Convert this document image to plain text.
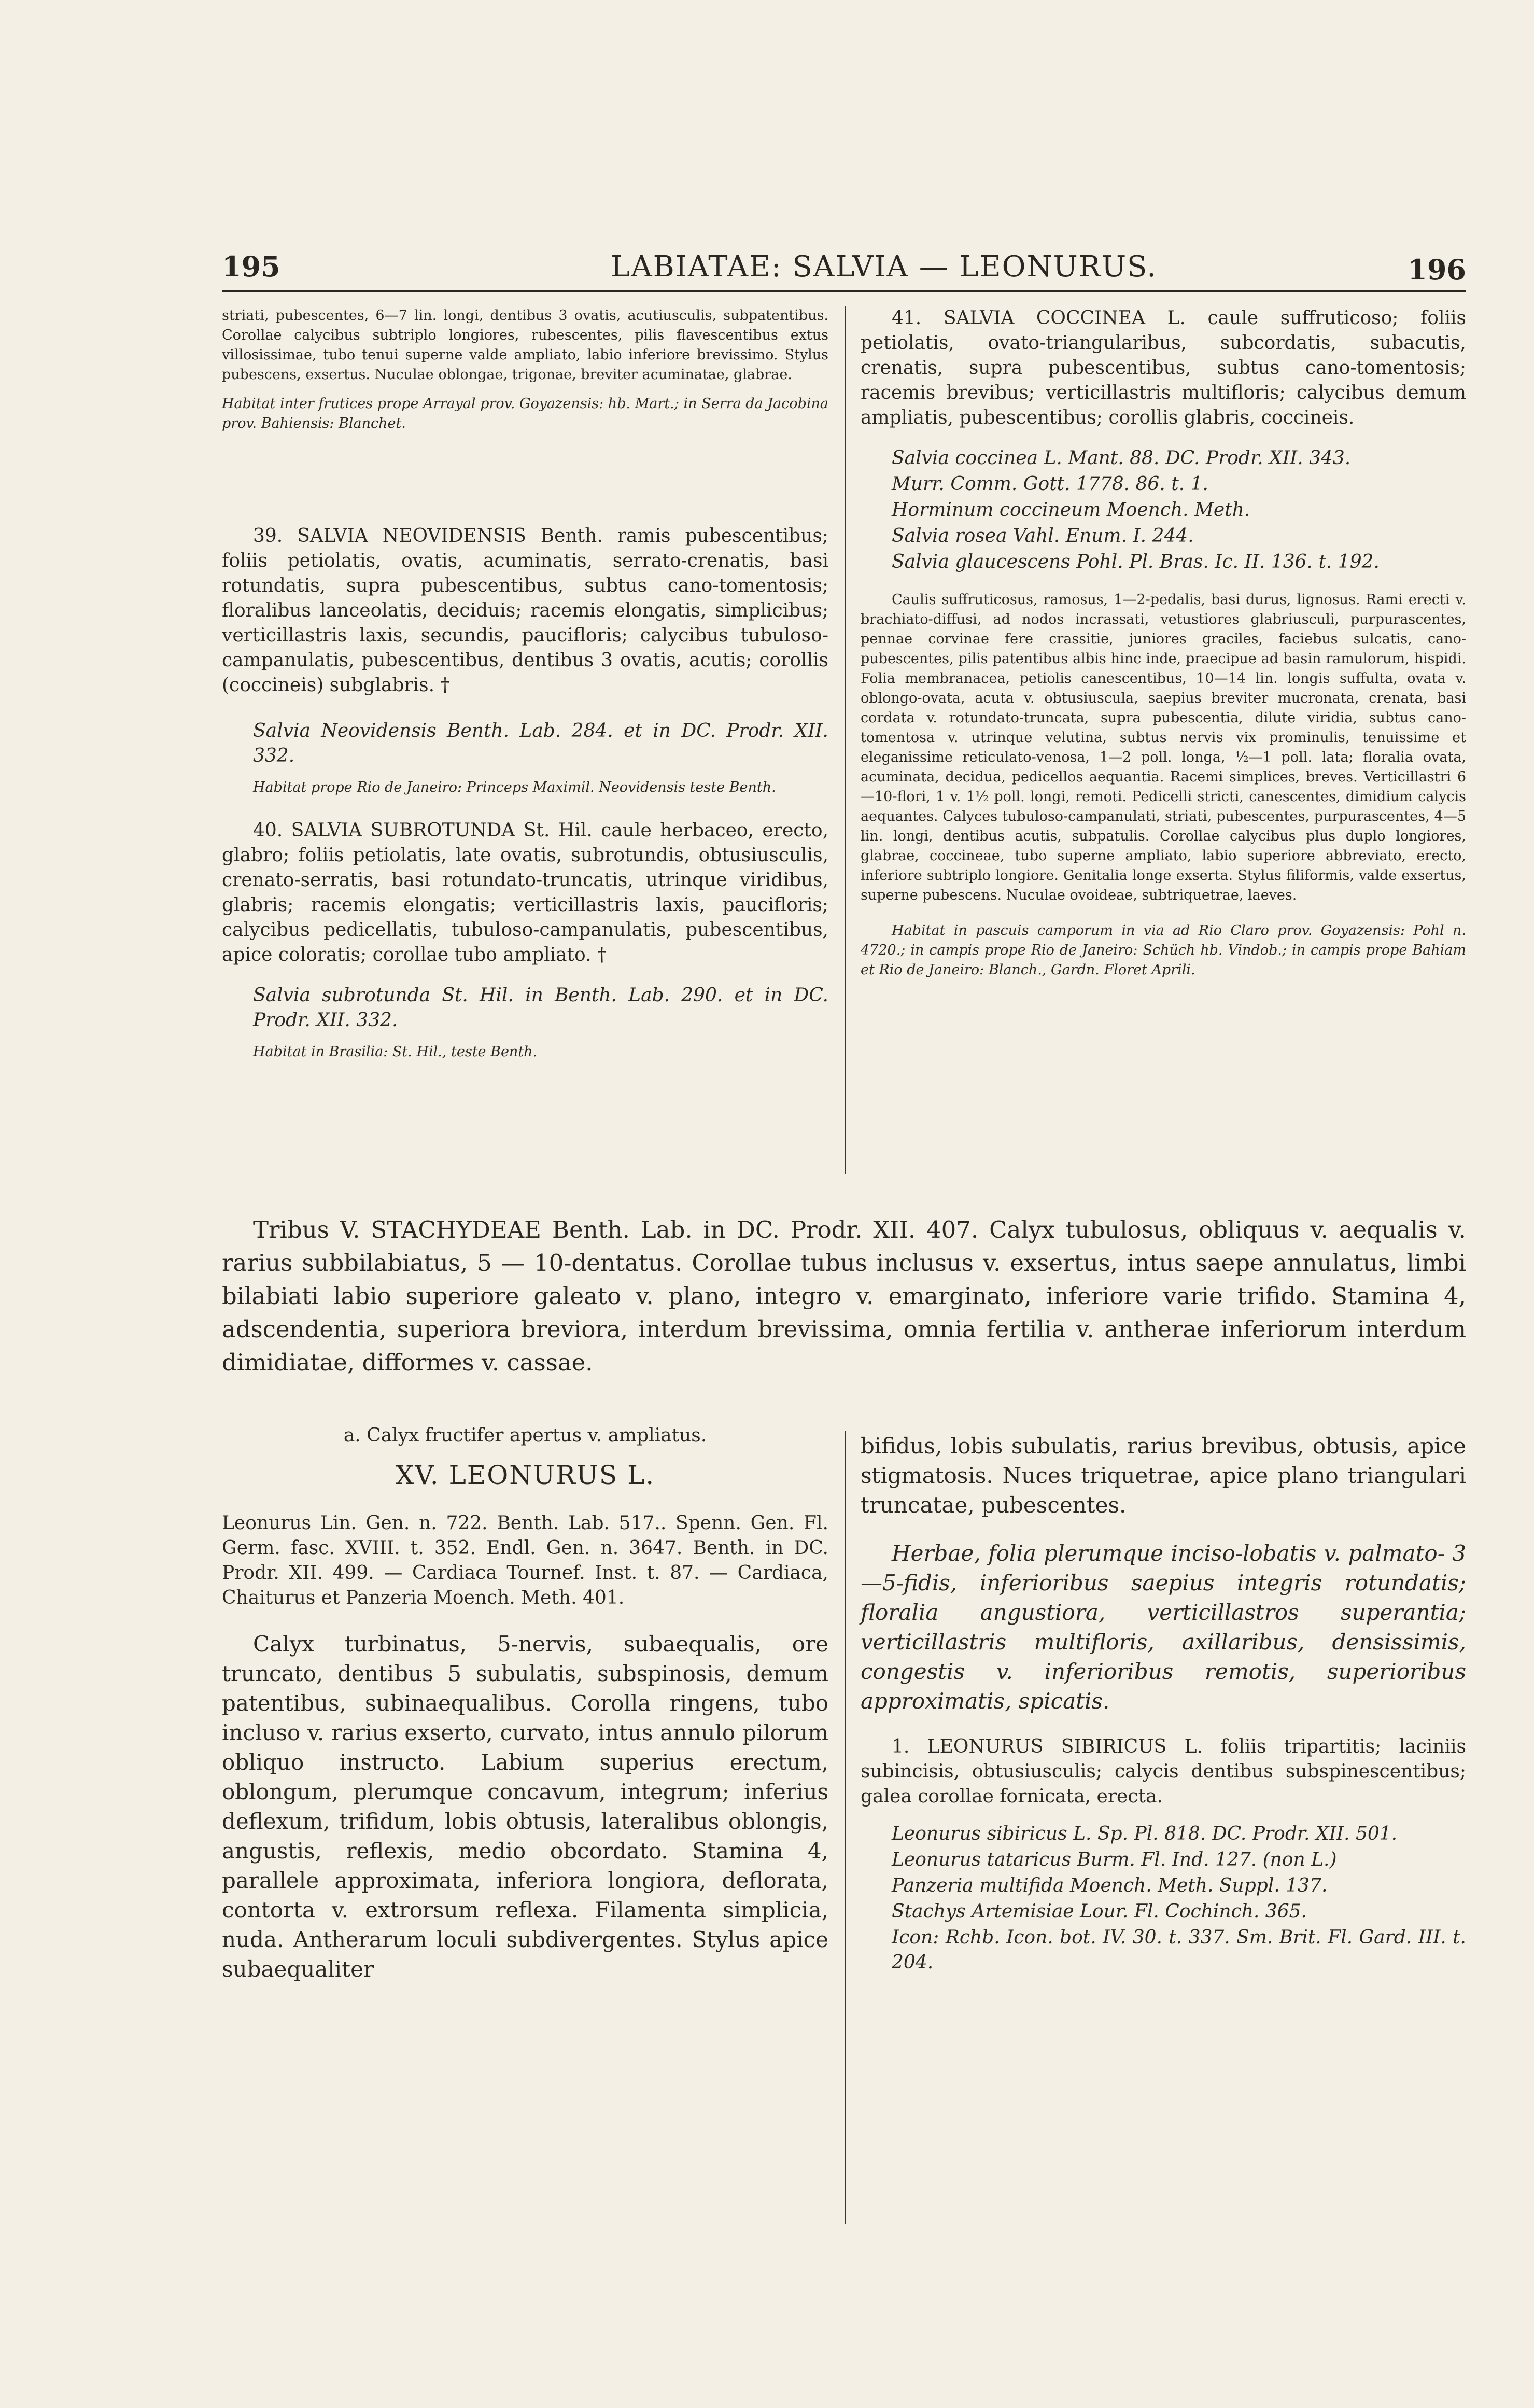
195	LABIATAE: SALVIA — LEONURUS.	196

striati, pubescentes, 6—7 lin. longi, dentibus 3 ovatis, acutiusculis, subpatentibus. Corollae calycibus subtriplo longiores, rubescentes, pilis flavescentibus extus villosissimae, tubo tenui superne valde ampliato, labio inferiore brevissimo. Stylus pubescens, exsertus. Nuculae oblongae, trigonae, breviter acuminatae, glabrae.

Habitat inter frutices prope Arrayal prov. Goyazensis: hb. Mart.; in Serra da Jacobina prov. Bahiensis: Blanchet.

39. SALVIA NEOVIDENSIS Benth. ramis pubescentibus; foliis petiolatis, ovatis, acuminatis, serrato-crenatis, basi rotundatis, supra pubescentibus, subtus cano-tomentosis; floralibus lanceolatis, deciduis; racemis elongatis, simplicibus; verticillastris laxis, secundis, paucifloris; calycibus tubuloso-campanulatis, pubescentibus, dentibus 3 ovatis, acutis; corollis (coccineis) subglabris. †

Salvia Neovidensis Benth. Lab. 284. et in DC. Prodr. XII. 332.

Habitat prope Rio de Janeiro: Princeps Maximil. Neovidensis teste Benth.

40. SALVIA SUBROTUNDA St. Hil. caule herbaceo, erecto, glabro; foliis petiolatis, late ovatis, subrotundis, obtusiusculis, crenato-serratis, basi rotundato-truncatis, utrinque viridibus, glabris; racemis elongatis; verticillastris laxis, paucifloris; calycibus pedicellatis, tubuloso-campanulatis, pubescentibus, apice coloratis; corollae tubo ampliato. †

Salvia subrotunda St. Hil. in Benth. Lab. 290. et in DC. Prodr. XII. 332.

Habitat in Brasilia: St. Hil., teste Benth.

41. SALVIA COCCINEA L. caule suffruticoso; foliis petiolatis, ovato-triangularibus, subcordatis, subacutis, crenatis, supra pubescentibus, subtus cano-tomentosis; racemis brevibus; verticillastris multifloris; calycibus demum ampliatis, pubescentibus; corollis glabris, coccineis.

Salvia coccinea L. Mant. 88. DC. Prodr. XII. 343.
Murr. Comm. Gott. 1778. 86. t. 1.
Horminum coccineum Moench. Meth.
Salvia rosea Vahl. Enum. I. 244.
Salvia glaucescens Pohl. Pl. Bras. Ic. II. 136. t. 192.

Caulis suffruticosus, ramosus, 1—2-pedalis, basi durus, lignosus. Rami erecti v. brachiato-diffusi, ad nodos incrassati, vetustiores glabriusculi, purpurascentes, pennae corvinae fere crassitie, juniores graciles, faciebus sulcatis, cano-pubescentes, pilis patentibus albis hinc inde, praecipue ad basin ramulorum, hispidi. Folia membranacea, petiolis canescentibus, 10—14 lin. longis suffulta, ovata v. oblongo-ovata, acuta v. obtusiuscula, saepius breviter mucronata, crenata, basi cordata v. rotundato-truncata, supra pubescentia, dilute viridia, subtus cano-tomentosa v. utrinque velutina, subtus nervis vix prominulis, tenuissime et eleganissime reticulato-venosa, 1—2 poll. longa, ½—1 poll. lata; floralia ovata, acuminata, decidua, pedicellos aequantia. Racemi simplices, breves. Verticillastri 6—10-flori, 1 v. 1½ poll. longi, remoti. Pedicelli stricti, canescentes, dimidium calycis aequantes. Calyces tubuloso-campanulati, striati, pubescentes, purpurascentes, 4—5 lin. longi, dentibus acutis, subpatulis. Corollae calycibus plus duplo longiores, glabrae, coccineae, tubo superne ampliato, labio superiore abbreviato, erecto, inferiore subtriplo longiore. Genitalia longe exserta. Stylus filiformis, valde exsertus, superne pubescens. Nuculae ovoideae, subtriquetrae, laeves.

Habitat in pascuis camporum in via ad Rio Claro prov. Goyazensis: Pohl n. 4720.; in campis prope Rio de Janeiro: Schüch hb. Vindob.; in campis prope Bahiam et Rio de Janeiro: Blanch., Gardn. Floret Aprili.

Tribus V. STACHYDEAE Benth. Lab. in DC. Prodr. XII. 407. Calyx tubulosus, obliquus v. aequalis v. rarius subbilabiatus, 5 — 10-dentatus. Corollae tubus inclusus v. exsertus, intus saepe annulatus, limbi bilabiati labio superiore galeato v. plano, integro v. emarginato, inferiore varie trifido. Stamina 4, adscendentia, superiora breviora, interdum brevissima, omnia fertilia v. antherae inferiorum interdum dimidiatae, difformes v. cassae.

a. Calyx fructifer apertus v. ampliatus.

XV. LEONURUS L.

Leonurus Lin. Gen. n. 722. Benth. Lab. 517.. Spenn. Gen. Fl. Germ. fasc. XVIII. t. 352. Endl. Gen. n. 3647. Benth. in DC. Prodr. XII. 499. — Cardiaca Tournef. Inst. t. 87. — Cardiaca, Chaiturus et Panzeria Moench. Meth. 401.

Calyx turbinatus, 5-nervis, subaequalis, ore truncato, dentibus 5 subulatis, subspinosis, demum patentibus, subinaequalibus. Corolla ringens, tubo incluso v. rarius exserto, curvato, intus annulo pilorum obliquo instructo. Labium superius erectum, oblongum, plerumque concavum, integrum; inferius deflexum, trifidum, lobis obtusis, lateralibus oblongis, angustis, reflexis, medio obcordato. Stamina 4, parallele approximata, inferiora longiora, deflorata, contorta v. extrorsum reflexa. Filamenta simplicia, nuda. Antherarum loculi subdivergentes. Stylus apice subaequaliter

bifidus, lobis subulatis, rarius brevibus, obtusis, apice stigmatosis. Nuces triquetrae, apice plano triangulari truncatae, pubescentes.

Herbae, folia plerumque inciso-lobatis v. palmato- 3—5-fidis, inferioribus saepius integris rotundatis; floralia angustiora, verticillastros superantia; verticillastris multifloris, axillaribus, densissimis, congestis v. inferioribus remotis, superioribus approximatis, spicatis.

1. LEONURUS SIBIRICUS L. foliis tripartitis; laciniis subincisis, obtusiusculis; calycis dentibus subspinescentibus; galea corollae fornicata, erecta.

Leonurus sibiricus L. Sp. Pl. 818. DC. Prodr. XII. 501.
Leonurus tataricus Burm. Fl. Ind. 127. (non L.)
Panzeria multifida Moench. Meth. Suppl. 137.
Stachys Artemisiae Lour. Fl. Cochinch. 365.
Icon: Rchb. Icon. bot. IV. 30. t. 337. Sm. Brit. Fl. Gard. III. t. 204.
